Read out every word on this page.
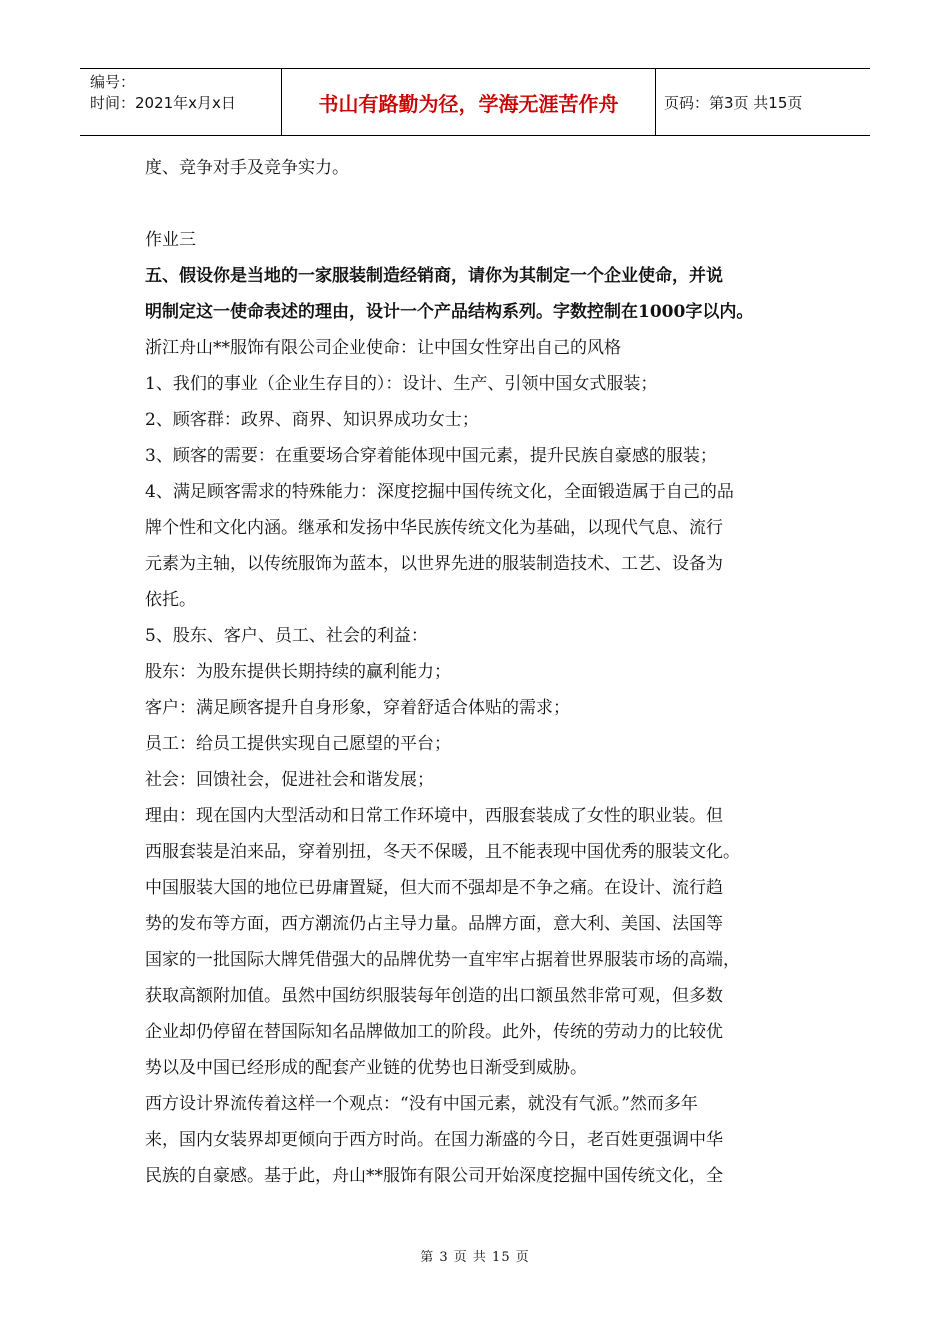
编号：
时间：2021年x月x日	书山有路勤为径，学海无涯苦作舟	页码：第3页 共15页
度、竞争对手及竞争实力。
作业三
五、假设你是当地的一家服装制造经销商，请你为其制定一个企业使命，并说
明制定这一使命表述的理由，设计一个产品结构系列。字数控制在1000字以内。
浙江舟山**服饰有限公司企业使命：让中国女性穿出自己的风格
1、我们的事业（企业生存目的）：设计、生产、引领中国女式服装；
2、顾客群：政界、商界、知识界成功女士；
3、顾客的需要：在重要场合穿着能体现中国元素，提升民族自豪感的服装；
4、满足顾客需求的特殊能力：深度挖掘中国传统文化，全面锻造属于自己的品
牌个性和文化内涵。继承和发扬中华民族传统文化为基础，以现代气息、流行
元素为主轴，以传统服饰为蓝本，以世界先进的服装制造技术、工艺、设备为
依托。
5、股东、客户、员工、社会的利益：
股东：为股东提供长期持续的赢利能力；
客户：满足顾客提升自身形象，穿着舒适合体贴的需求；
员工：给员工提供实现自己愿望的平台；
社会：回馈社会，促进社会和谐发展；
理由：现在国内大型活动和日常工作环境中，西服套装成了女性的职业装。但
西服套装是泊来品，穿着别扭，冬天不保暖，且不能表现中国优秀的服装文化。
中国服装大国的地位已毋庸置疑，但大而不强却是不争之痛。在设计、流行趋
势的发布等方面，西方潮流仍占主导力量。品牌方面，意大利、美国、法国等
国家的一批国际大牌凭借强大的品牌优势一直牢牢占据着世界服装市场的高端，
获取高额附加值。虽然中国纺织服装每年创造的出口额虽然非常可观，但多数
企业却仍停留在替国际知名品牌做加工的阶段。此外，传统的劳动力的比较优
势以及中国已经形成的配套产业链的优势也日渐受到威胁。
西方设计界流传着这样一个观点：“没有中国元素，就没有气派。”然而多年
来，国内女装界却更倾向于西方时尚。在国力渐盛的今日，老百姓更强调中华
民族的自豪感。基于此，舟山**服饰有限公司开始深度挖掘中国传统文化，全
第 3 页 共 15 页
